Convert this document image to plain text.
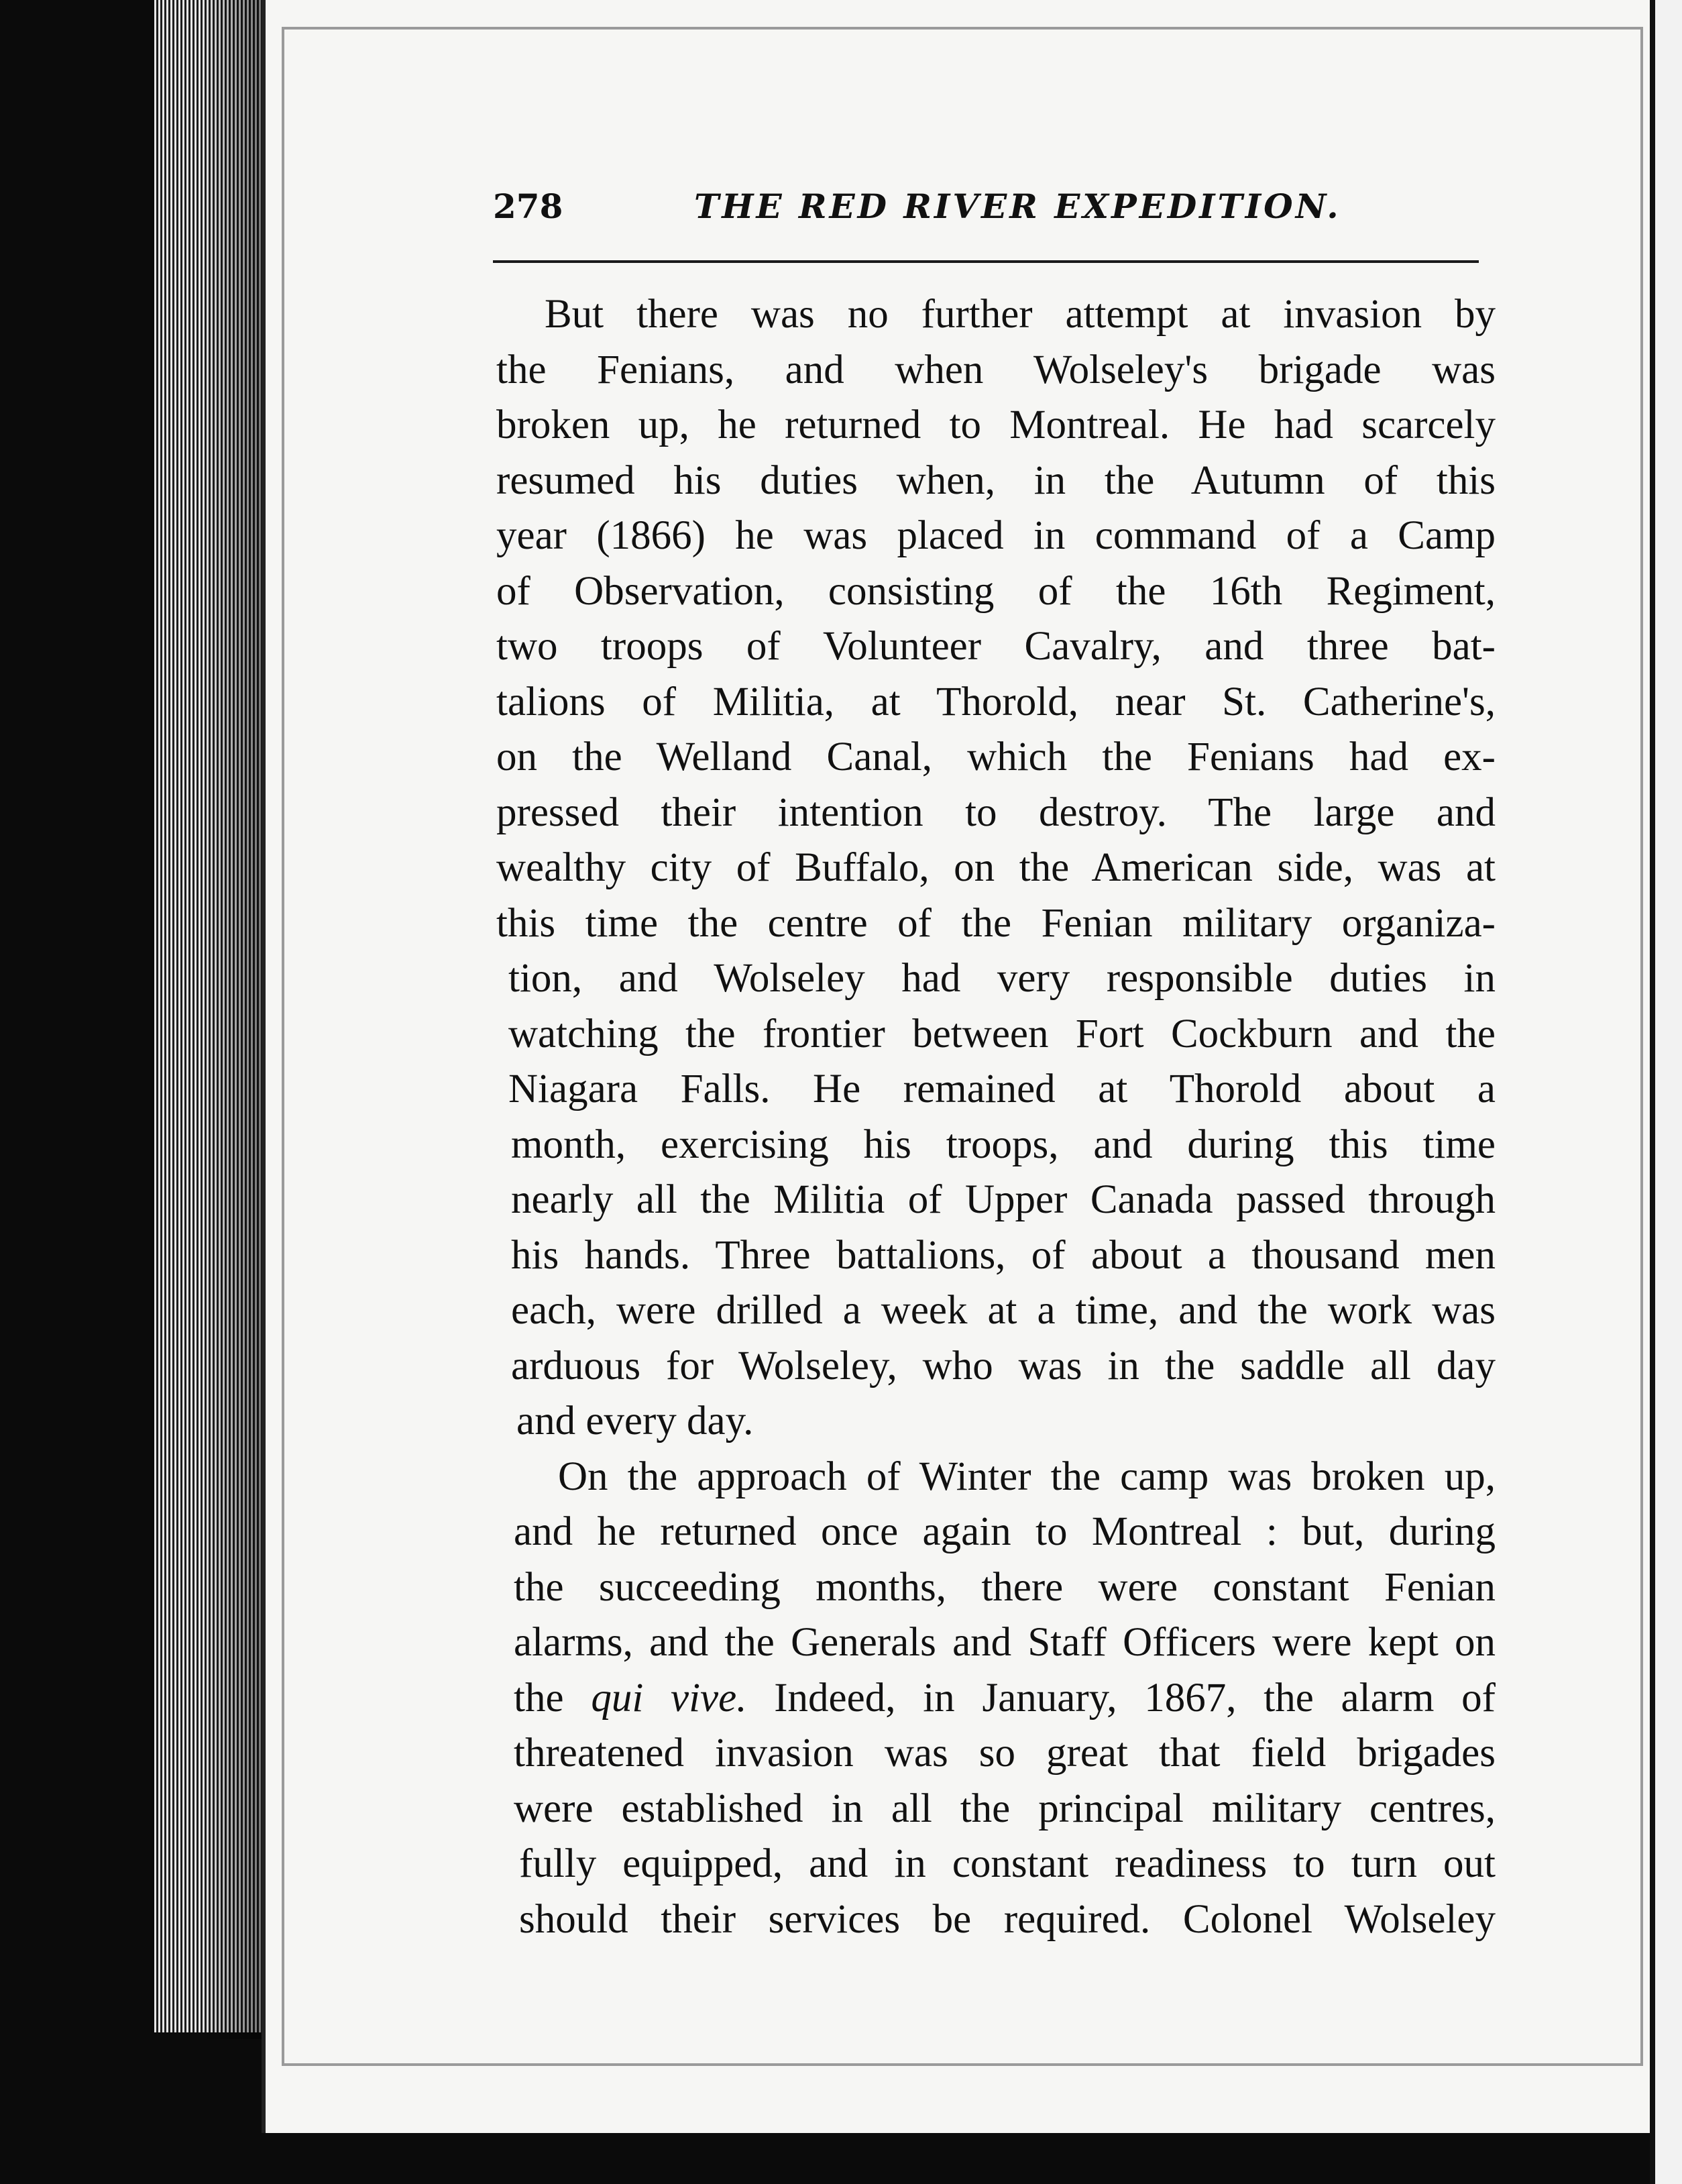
278	THE RED RIVER EXPEDITION.
But there was no further attempt at invasion by
the Fenians, and when Wolseley's brigade was
broken up, he returned to Montreal. He had scarcely
resumed his duties when, in the Autumn of this
year (1866) he was placed in command of a Camp
of Observation, consisting of the 16th Regiment,
two troops of Volunteer Cavalry, and three bat-
talions of Militia, at Thorold, near St. Catherine's,
on the Welland Canal, which the Fenians had ex-
pressed their intention to destroy. The large and
wealthy city of Buffalo, on the American side, was at
this time the centre of the Fenian military organiza-
tion, and Wolseley had very responsible duties in
watching the frontier between Fort Cockburn and the
Niagara Falls. He remained at Thorold about a
month, exercising his troops, and during this time
nearly all the Militia of Upper Canada passed through
his hands. Three battalions, of about a thousand men
each, were drilled a week at a time, and the work was
arduous for Wolseley, who was in the saddle all day
and every day.
On the approach of Winter the camp was broken up,
and he returned once again to Montreal : but, during
the succeeding months, there were constant Fenian
alarms, and the Generals and Staff Officers were kept on
the qui vive. Indeed, in January, 1867, the alarm of
threatened invasion was so great that field brigades
were established in all the principal military centres,
fully equipped, and in constant readiness to turn out
should their services be required. Colonel Wolseley
